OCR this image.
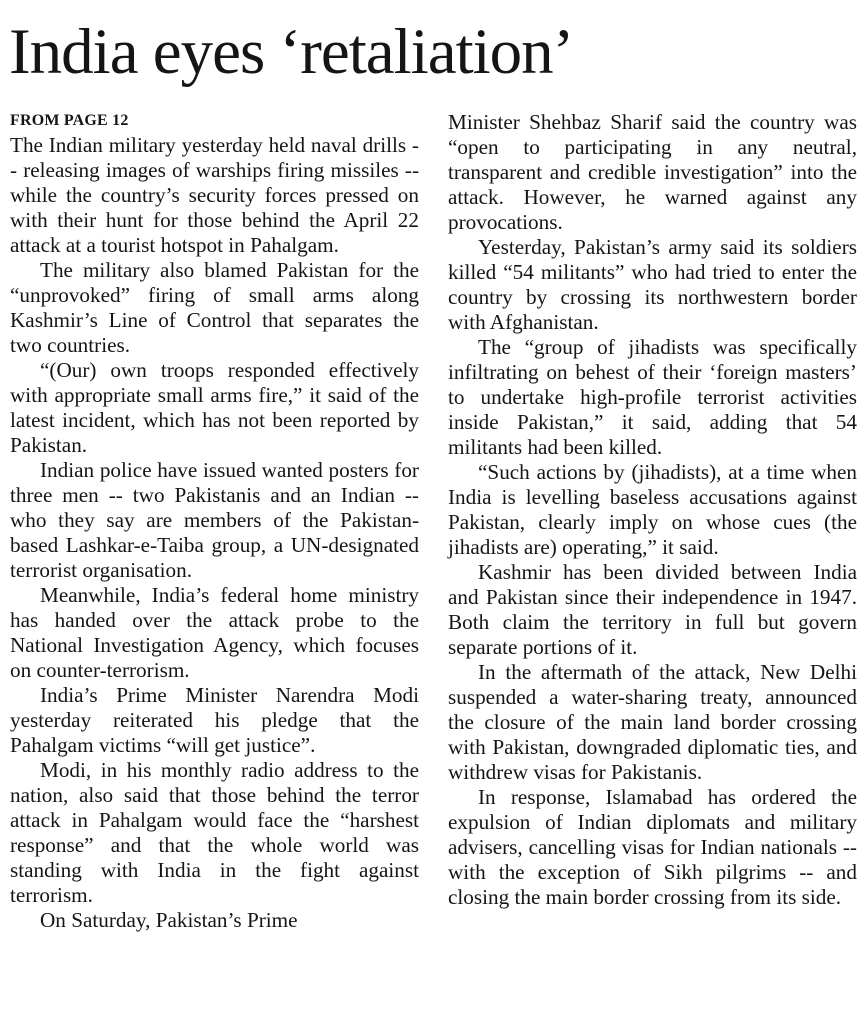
India eyes ‘retaliation’

FROM PAGE 12

The Indian military yesterday held naval drills -- releasing images of warships firing missiles -- while the country’s security forces pressed on with their hunt for those behind the April 22 attack at a tourist hotspot in Pahalgam.

The military also blamed Pakistan for the “unprovoked” firing of small arms along Kashmir’s Line of Control that separates the two countries.

“(Our) own troops responded effectively with appropriate small arms fire,” it said of the latest incident, which has not been reported by Pakistan.

Indian police have issued wanted posters for three men -- two Pakistanis and an Indian -- who they say are members of the Pakistan-based Lashkar-e-Taiba group, a UN-designated terrorist organisation.

Meanwhile, India’s federal home ministry has handed over the attack probe to the National Investigation Agency, which focuses on counter-terrorism.

India’s Prime Minister Narendra Modi yesterday reiterated his pledge that the Pahalgam victims “will get justice”.

Modi, in his monthly radio address to the nation, also said that those behind the terror attack in Pahalgam would face the “harshest response” and that the whole world was standing with India in the fight against terrorism.

On Saturday, Pakistan’s Prime

Minister Shehbaz Sharif said the country was “open to participating in any neutral, transparent and credible investigation” into the attack. However, he warned against any provocations.

Yesterday, Pakistan’s army said its soldiers killed “54 militants” who had tried to enter the country by crossing its northwestern border with Afghanistan.

The “group of jihadists was specifically infiltrating on behest of their ‘foreign masters’ to undertake high-profile terrorist activities inside Pakistan,” it said, adding that 54 militants had been killed.

“Such actions by (jihadists), at a time when India is levelling baseless accusations against Pakistan, clearly imply on whose cues (the jihadists are) operating,” it said.

Kashmir has been divided between India and Pakistan since their independence in 1947. Both claim the territory in full but govern separate portions of it.

In the aftermath of the attack, New Delhi suspended a water-sharing treaty, announced the closure of the main land border crossing with Pakistan, downgraded diplomatic ties, and withdrew visas for Pakistanis.

In response, Islamabad has ordered the expulsion of Indian diplomats and military advisers, cancelling visas for Indian nationals -- with the exception of Sikh pilgrims -- and closing the main border crossing from its side.
